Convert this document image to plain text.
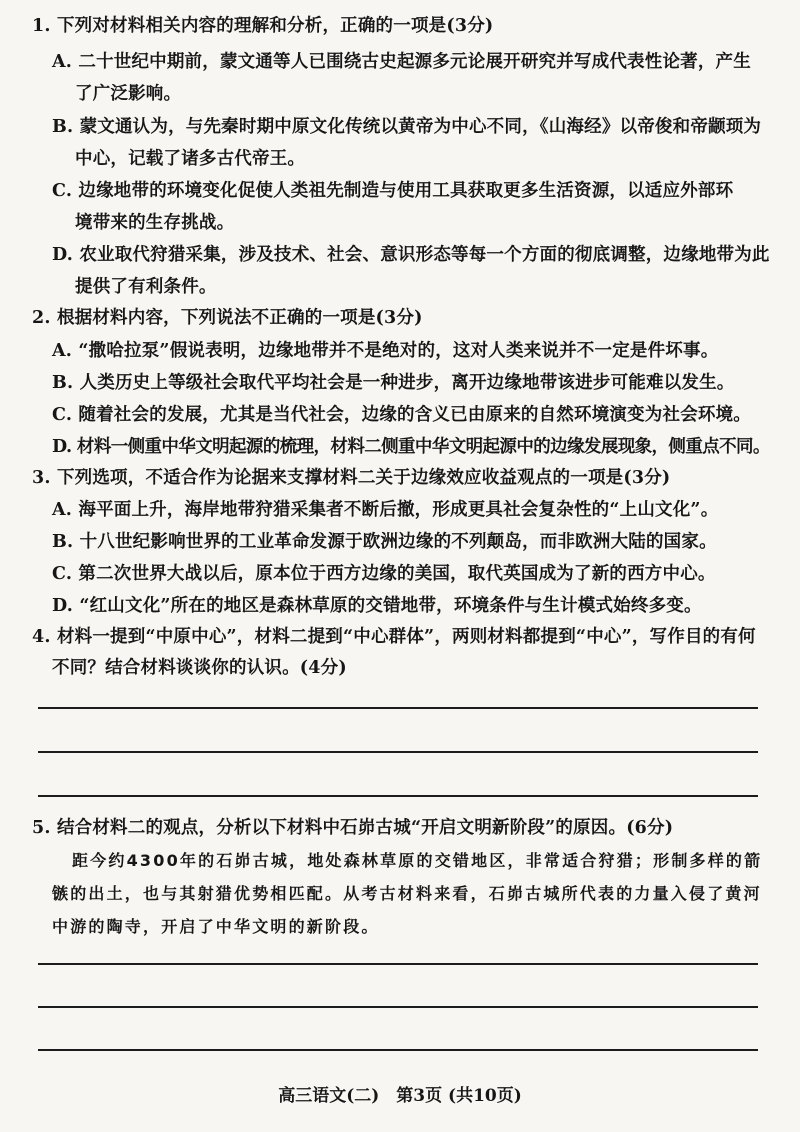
1. 下列对材料相关内容的理解和分析，正确的一项是(3分)
A. 二十世纪中期前，蒙文通等人已围绕古史起源多元论展开研究并写成代表性论著，产生
了广泛影响。
B. 蒙文通认为，与先秦时期中原文化传统以黄帝为中心不同，《山海经》以帝俊和帝颛顼为
中心，记载了诸多古代帝王。
C. 边缘地带的环境变化促使人类祖先制造与使用工具获取更多生活资源，以适应外部环
境带来的生存挑战。
D. 农业取代狩猎采集，涉及技术、社会、意识形态等每一个方面的彻底调整，边缘地带为此
提供了有利条件。
2. 根据材料内容，下列说法不正确的一项是(3分)
A. “撒哈拉泵”假说表明，边缘地带并不是绝对的，这对人类来说并不一定是件坏事。
B. 人类历史上等级社会取代平均社会是一种进步，离开边缘地带该进步可能难以发生。
C. 随着社会的发展，尤其是当代社会，边缘的含义已由原来的自然环境演变为社会环境。
D. 材料一侧重中华文明起源的梳理，材料二侧重中华文明起源中的边缘发展现象，侧重点不同。
3. 下列选项，不适合作为论据来支撑材料二关于边缘效应收益观点的一项是(3分)
A. 海平面上升，海岸地带狩猎采集者不断后撤，形成更具社会复杂性的“上山文化”。
B. 十八世纪影响世界的工业革命发源于欧洲边缘的不列颠岛，而非欧洲大陆的国家。
C. 第二次世界大战以后，原本位于西方边缘的美国，取代英国成为了新的西方中心。
D. “红山文化”所在的地区是森林草原的交错地带，环境条件与生计模式始终多变。
4. 材料一提到“中原中心”，材料二提到“中心群体”，两则材料都提到“中心”，写作目的有何
不同？结合材料谈谈你的认识。(4分)
5. 结合材料二的观点，分析以下材料中石峁古城“开启文明新阶段”的原因。(6分)
距今约4300年的石峁古城，地处森林草原的交错地区，非常适合狩猎；形制多样的箭
镞的出土，也与其射猎优势相匹配。从考古材料来看，石峁古城所代表的力量入侵了黄河
中游的陶寺，开启了中华文明的新阶段。
高三语文(二)　第3页 (共10页)
